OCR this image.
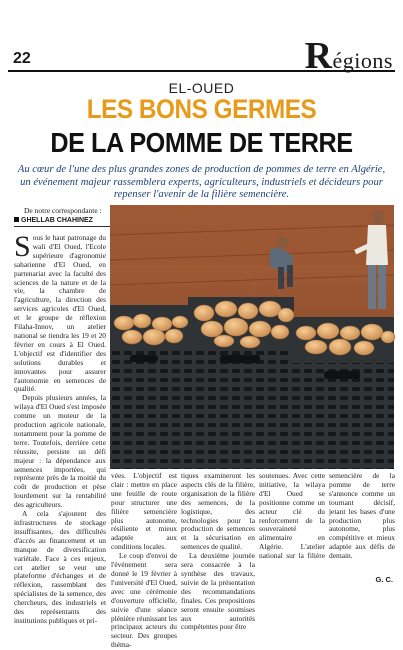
22	Régions
EL-OUED
LES BONS GERMES
DE LA POMME DE TERRE
Au cœur de l'une des plus grandes zones de production de pommes de terre en Algérie, un événement majeur rassemblera experts, agriculteurs, industriels et décideurs pour repenser l'avenir de la filière semencière.
De notre correspondante :
GHELLAB CHAHINEZ

Sous le haut patronage du wali d'El Oued, l'Ecole supérieure d'agronomie saharienne d'El Oued, en partenariat avec la faculté des sciences de la nature et de la vie, la chambre de l'agriculture, la direction des services agricoles d'El Oued, et le groupe de réflexion Filaha-Innov, un atelier national se tiendra les 19 et 20 février en cours à El Oued. L'objectif est d'identifier des solutions durables et innovantes pour assurer l'autonomie en semences de qualité.

Depuis plusieurs années, la wilaya d'El Oued s'est imposée comme un moteur de la production agricole nationale, notamment pour la pomme de terre. Toutefois, derrière cette réussite, persiste un défi majeur : la dépendance aux semences importées, qui représente près de la moitié du coût de production et pèse lourdement sur la rentabilité des agriculteurs.

A cela s'ajoutent des infrastructures de stockage insuffisantes, des difficultés d'accès au financement et un manque de diversification variétale. Face à ces enjeux, cet atelier se veut une plateforme d'échanges et de réflexion, rassemblant des spécialistes de la semence, des chercheurs, des industriels et des représentants des institutions publiques et pri-

vées. L'objectif est clair : mettre en place une feuille de route pour structurer une filière semencière plus autonome, résiliente et mieux adaptée aux conditions locales.

Le coup d'envoi de l'événement sera donné le 19 février à l'université d'El Oued, avec une cérémonie d'ouverture officielle, suivie d'une séance plénière réunissant les principaux acteurs du secteur. Des groupes théma-

tiques examineront les aspects clés de la filière, organisation de la filière des semences, de la logistique, des technologies pour la production de semences et la sécurisation en semences de qualité.

La deuxième journée sera consacrée à la synthèse des travaux, suivie de la présentation des recommandations finales. Ces propositions seront ensuite soumises aux autorités compétentes pour être

soutenues. Avec cette initiative, la wilaya d'El Oued se positionne comme un acteur clé du renforcement de la souveraineté alimentaire en Algérie. L'atelier national sur la filière semencière de la pomme de terre s'annonce comme un tournant décisif, jetant les bases d'une production plus autonome, plus compétitive et mieux adaptée aux défis de demain.

G. C.
